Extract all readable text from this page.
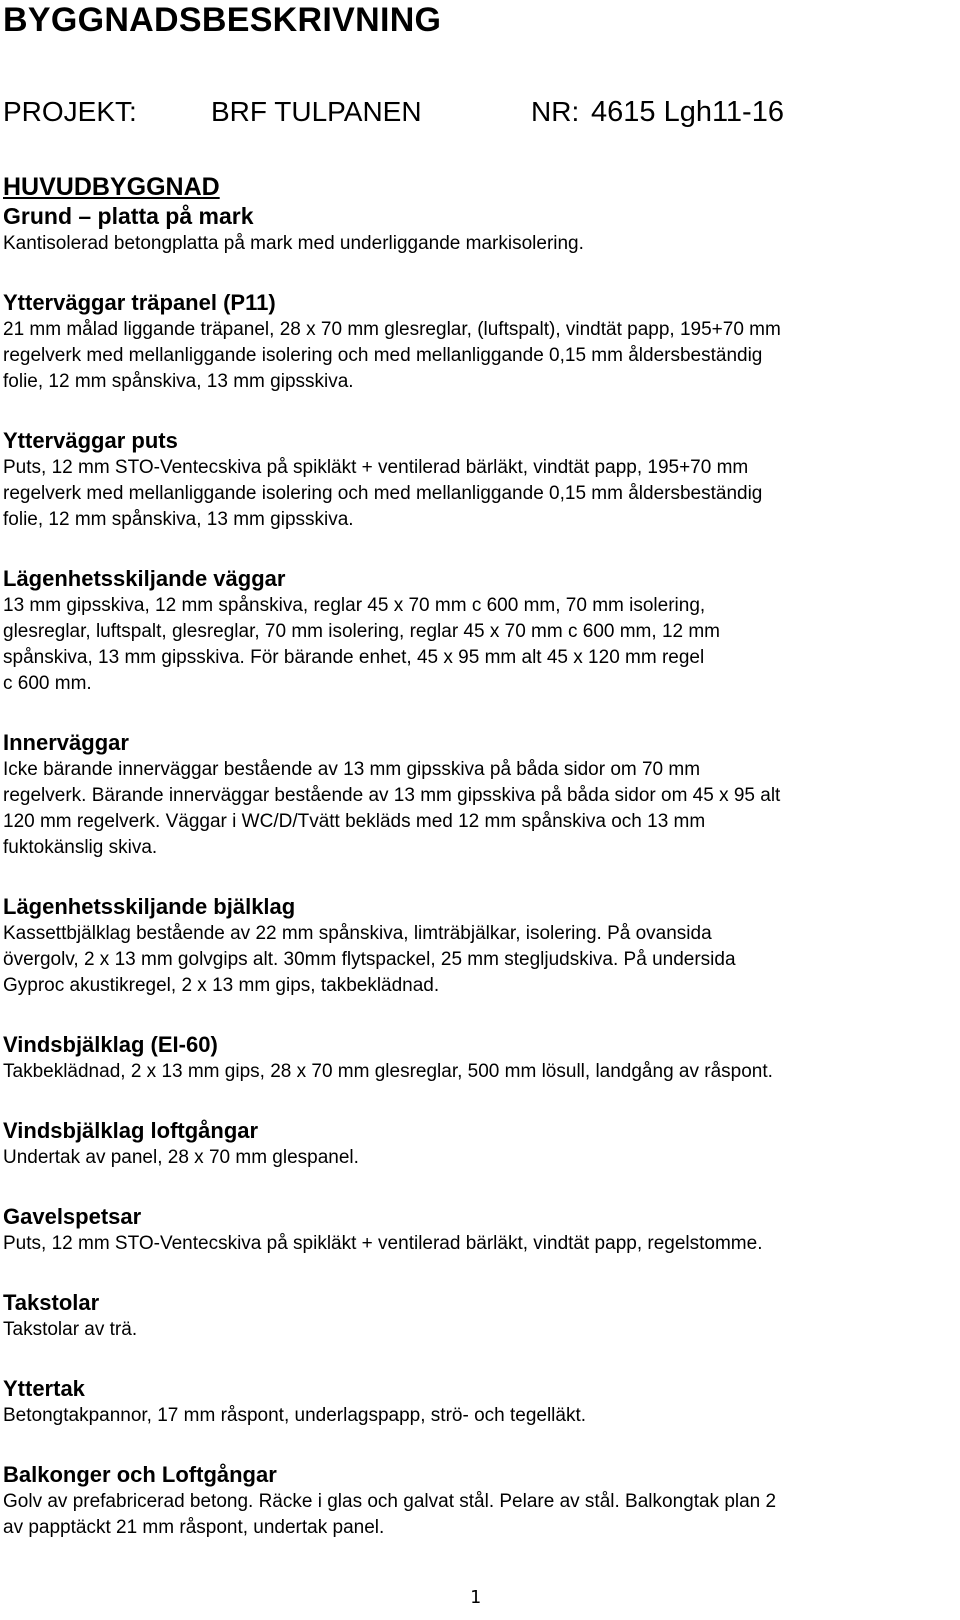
BYGGNADSBESKRIVNING
PROJEKT:	BRF TULPANEN	NR: 4615 Lgh11-16
HUVUDBYGGNAD
Grund – platta på mark
Kantisolerad betongplatta på mark med underliggande markisolering.
Ytterväggar träpanel (P11)
21 mm målad liggande träpanel, 28 x 70 mm glesreglar, (luftspalt), vindtät papp, 195+70 mm
regelverk med mellanliggande isolering och med mellanliggande 0,15 mm åldersbeständig
folie, 12 mm spånskiva, 13 mm gipsskiva.
Ytterväggar puts
Puts, 12 mm STO-Ventecskiva på spikläkt + ventilerad bärläkt, vindtät papp, 195+70 mm
regelverk med mellanliggande isolering och med mellanliggande 0,15 mm åldersbeständig
folie, 12 mm spånskiva, 13 mm gipsskiva.
Lägenhetsskiljande väggar
13 mm gipsskiva, 12 mm spånskiva, reglar 45 x 70 mm c 600 mm, 70 mm isolering,
glesreglar, luftspalt, glesreglar, 70 mm isolering, reglar 45 x 70 mm c 600 mm, 12 mm
spånskiva, 13 mm gipsskiva. För bärande enhet, 45 x 95 mm alt 45 x 120 mm regel
c 600 mm.
Innerväggar
Icke bärande innerväggar bestående av 13 mm gipsskiva på båda sidor om 70 mm
regelverk. Bärande innerväggar bestående av 13 mm gipsskiva på båda sidor om 45 x 95 alt
120 mm regelverk. Väggar i WC/D/Tvätt bekläds med 12 mm spånskiva och 13 mm
fuktokänslig skiva.
Lägenhetsskiljande bjälklag
Kassettbjälklag bestående av 22 mm spånskiva, limträbjälkar, isolering. På ovansida
övergolv, 2 x 13 mm golvgips alt. 30mm flytspackel, 25 mm stegljudskiva. På undersida
Gyproc akustikregel, 2 x 13 mm gips, takbeklädnad.
Vindsbjälklag (EI-60)
Takbeklädnad, 2 x 13 mm gips, 28 x 70 mm glesreglar, 500 mm lösull, landgång av råspont.
Vindsbjälklag loftgångar
Undertak av panel, 28 x 70 mm glespanel.
Gavelspetsar
Puts, 12 mm STO-Ventecskiva på spikläkt + ventilerad bärläkt, vindtät papp, regelstomme.
Takstolar
Takstolar av trä.
Yttertak
Betongtakpannor, 17 mm råspont, underlagspapp, strö- och tegelläkt.
Balkonger och Loftgångar
Golv av prefabricerad betong. Räcke i glas och galvat stål. Pelare av stål. Balkongtak plan 2
av papptäckt 21 mm råspont, undertak panel.
1
